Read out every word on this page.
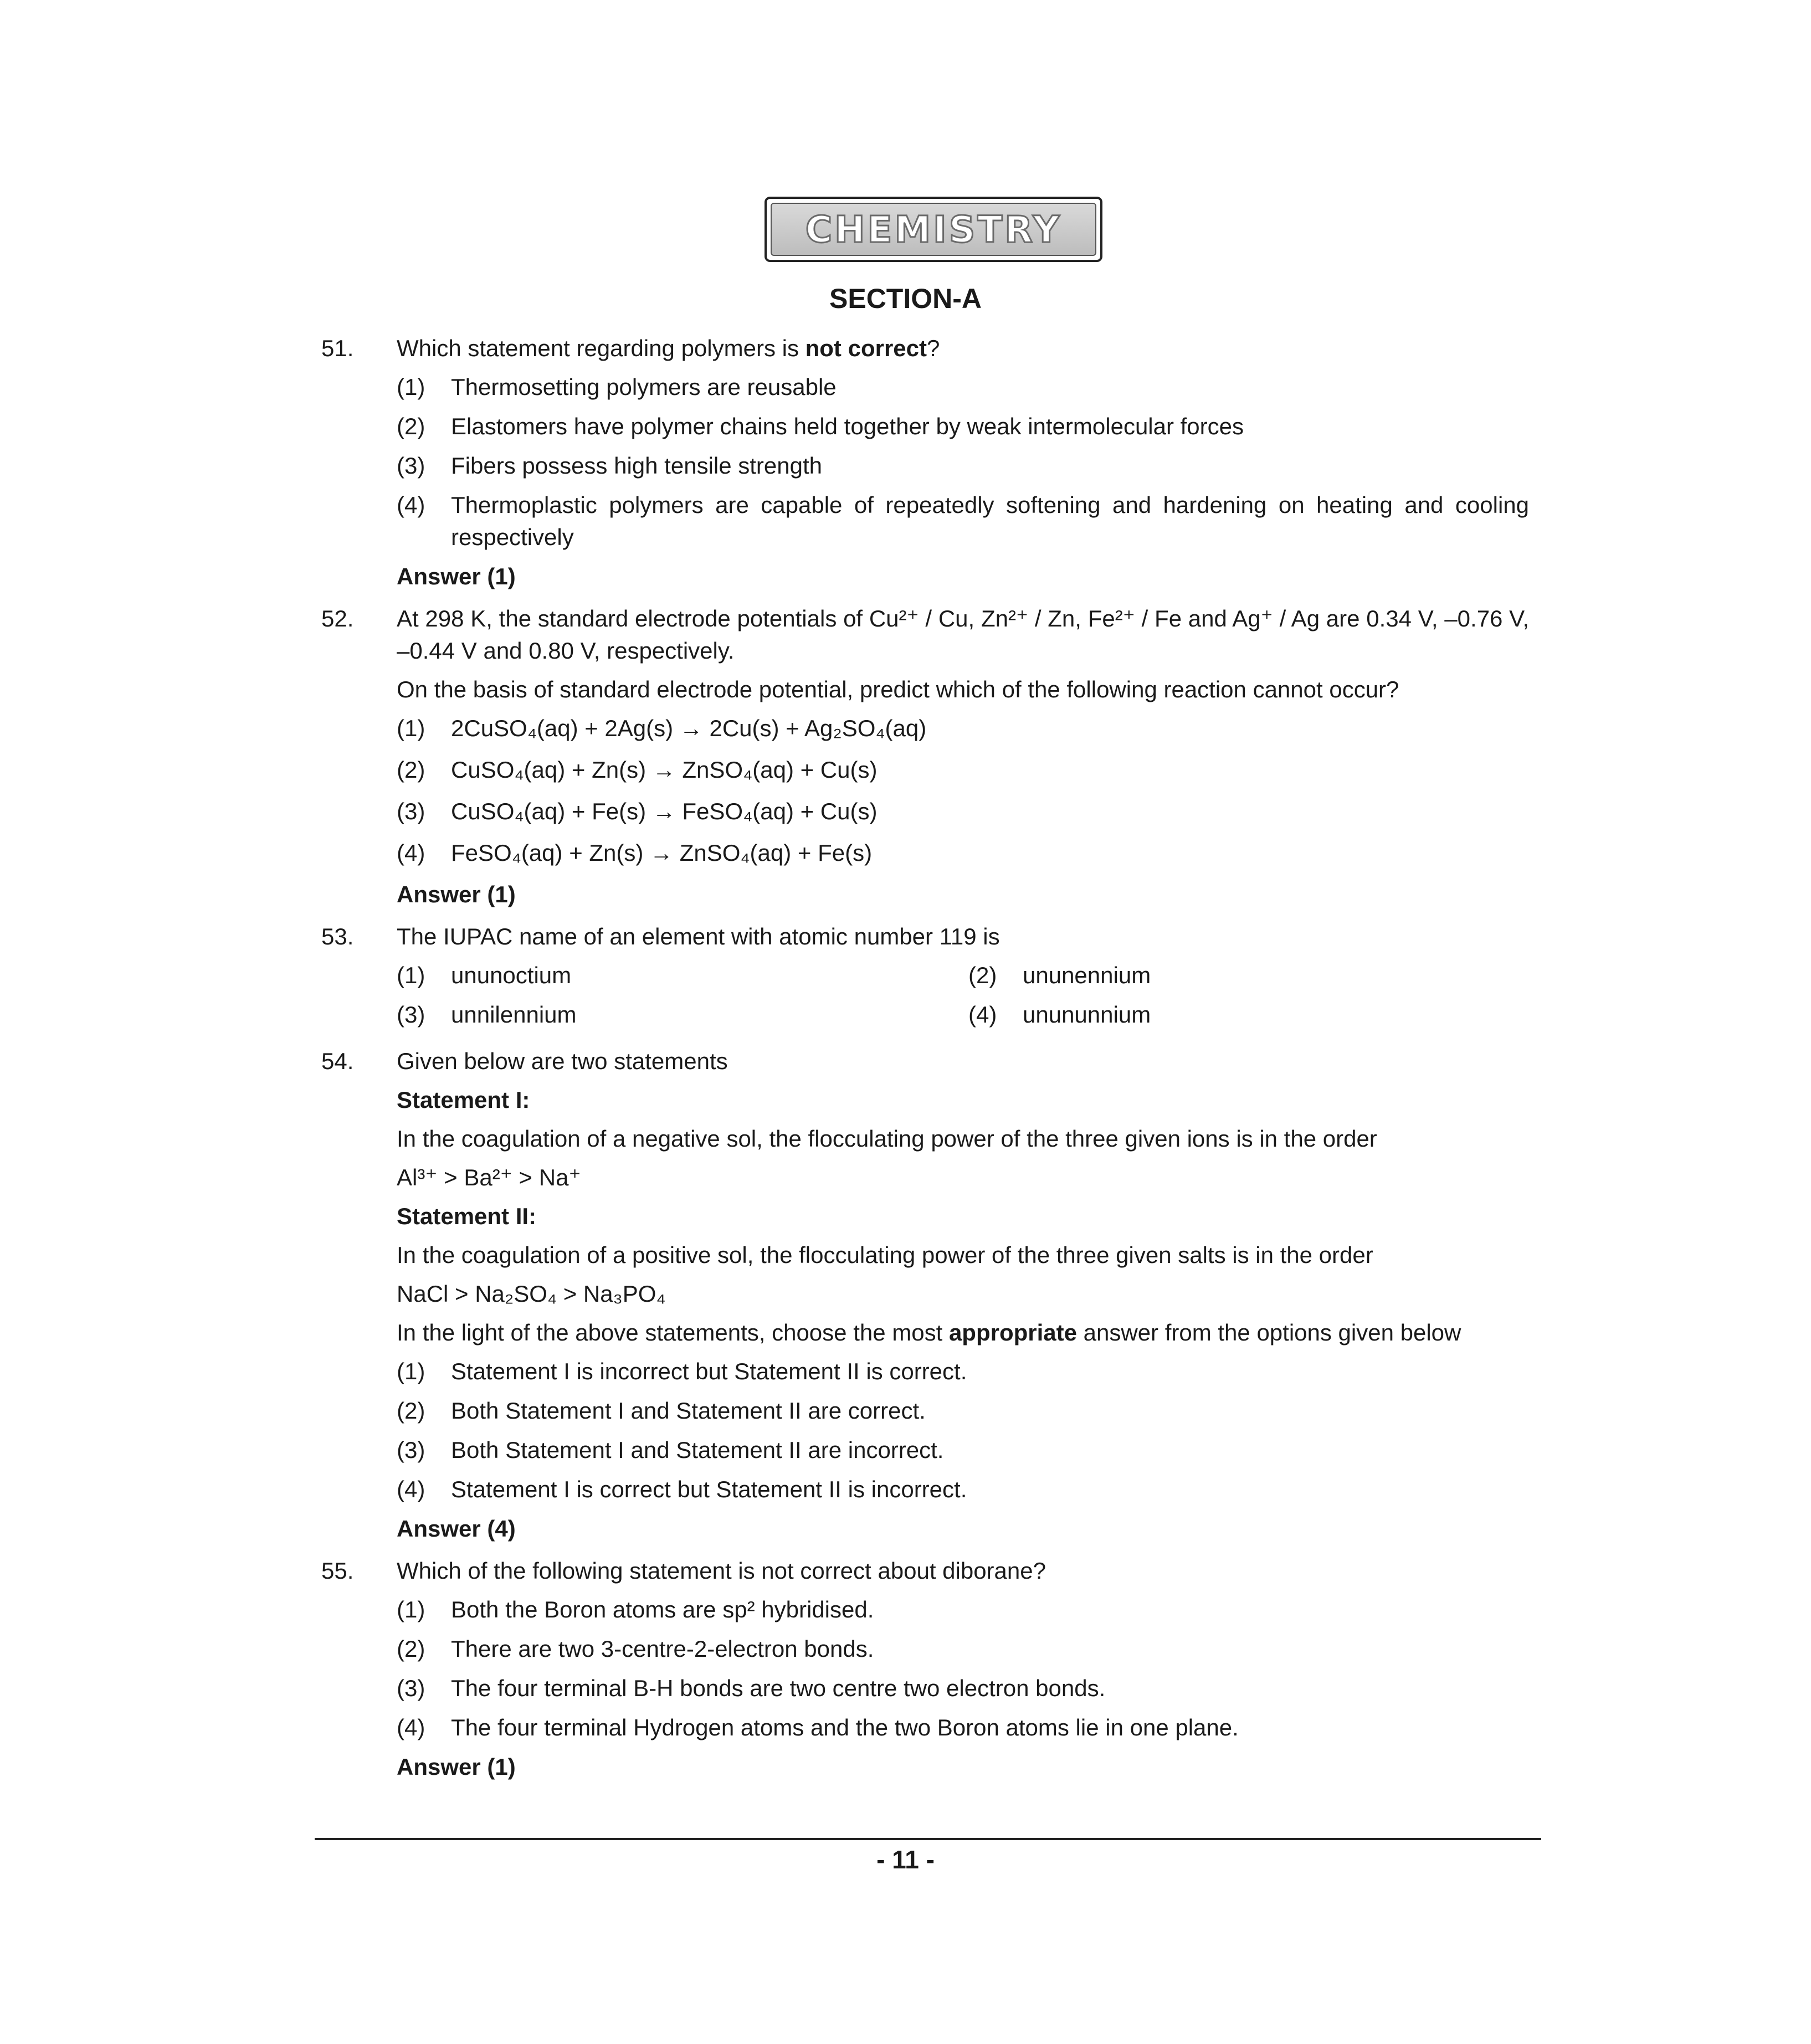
CHEMISTRY
SECTION-A
51. Which statement regarding polymers is not correct?
(1) Thermosetting polymers are reusable
(2) Elastomers have polymer chains held together by weak intermolecular forces
(3) Fibers possess high tensile strength
(4) Thermoplastic polymers are capable of repeatedly softening and hardening on heating and cooling respectively
Answer (1)
52. At 298 K, the standard electrode potentials of Cu²⁺ / Cu, Zn²⁺ / Zn, Fe²⁺ / Fe and Ag⁺ / Ag are 0.34 V, –0.76 V, –0.44 V and 0.80 V, respectively.
On the basis of standard electrode potential, predict which of the following reaction cannot occur?
(1) 2CuSO₄(aq) + 2Ag(s) → 2Cu(s) + Ag₂SO₄(aq)
(2) CuSO₄(aq) + Zn(s) → ZnSO₄(aq) + Cu(s)
(3) CuSO₄(aq) + Fe(s) → FeSO₄(aq) + Cu(s)
(4) FeSO₄(aq) + Zn(s) → ZnSO₄(aq) + Fe(s)
Answer (1)
53. The IUPAC name of an element with atomic number 119 is
(1) ununoctium	(2) ununennium
(3) unnilennium	(4) unununnium
54. Given below are two statements
Statement I:
In the coagulation of a negative sol, the flocculating power of the three given ions is in the order
Al³⁺ > Ba²⁺ > Na⁺
Statement II:
In the coagulation of a positive sol, the flocculating power of the three given salts is in the order
NaCl > Na₂SO₄ > Na₃PO₄
In the light of the above statements, choose the most appropriate answer from the options given below
(1) Statement I is incorrect but Statement II is correct.
(2) Both Statement I and Statement II are correct.
(3) Both Statement I and Statement II are incorrect.
(4) Statement I is correct but Statement II is incorrect.
Answer (4)
55. Which of the following statement is not correct about diborane?
(1) Both the Boron atoms are sp² hybridised.
(2) There are two 3-centre-2-electron bonds.
(3) The four terminal B-H bonds are two centre two electron bonds.
(4) The four terminal Hydrogen atoms and the two Boron atoms lie in one plane.
Answer (1)
- 11 -
